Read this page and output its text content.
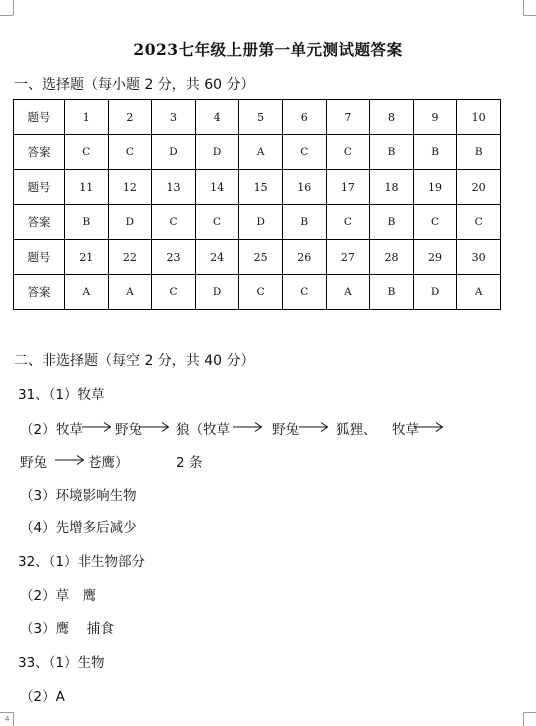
2023七年级上册第一单元测试题答案
一、选择题（每小题 2 分，共 60 分）
题号	1	2	3	4	5	6	7	8	9	10
答案	C	C	D	D	A	C	C	B	B	B
题号	11	12	13	14	15	16	17	18	19	20
答案	B	D	C	C	D	B	C	B	C	C
题号	21	22	23	24	25	26	27	28	29	30
答案	A	A	C	D	C	C	A	B	D	A
二、非选择题（每空 2 分，共 40 分）
31、（1）牧草
（2） 牧草 野兔	狼（牧草	野兔	狐狸、 牧草
野兔	苍鹰）	2 条
（3）环境影响生物
（4）先增多后减少
32、（1）非生物部分
（2）草　鹰
（3）鹰　 捕食
33、（1）生物
（2）A
4
